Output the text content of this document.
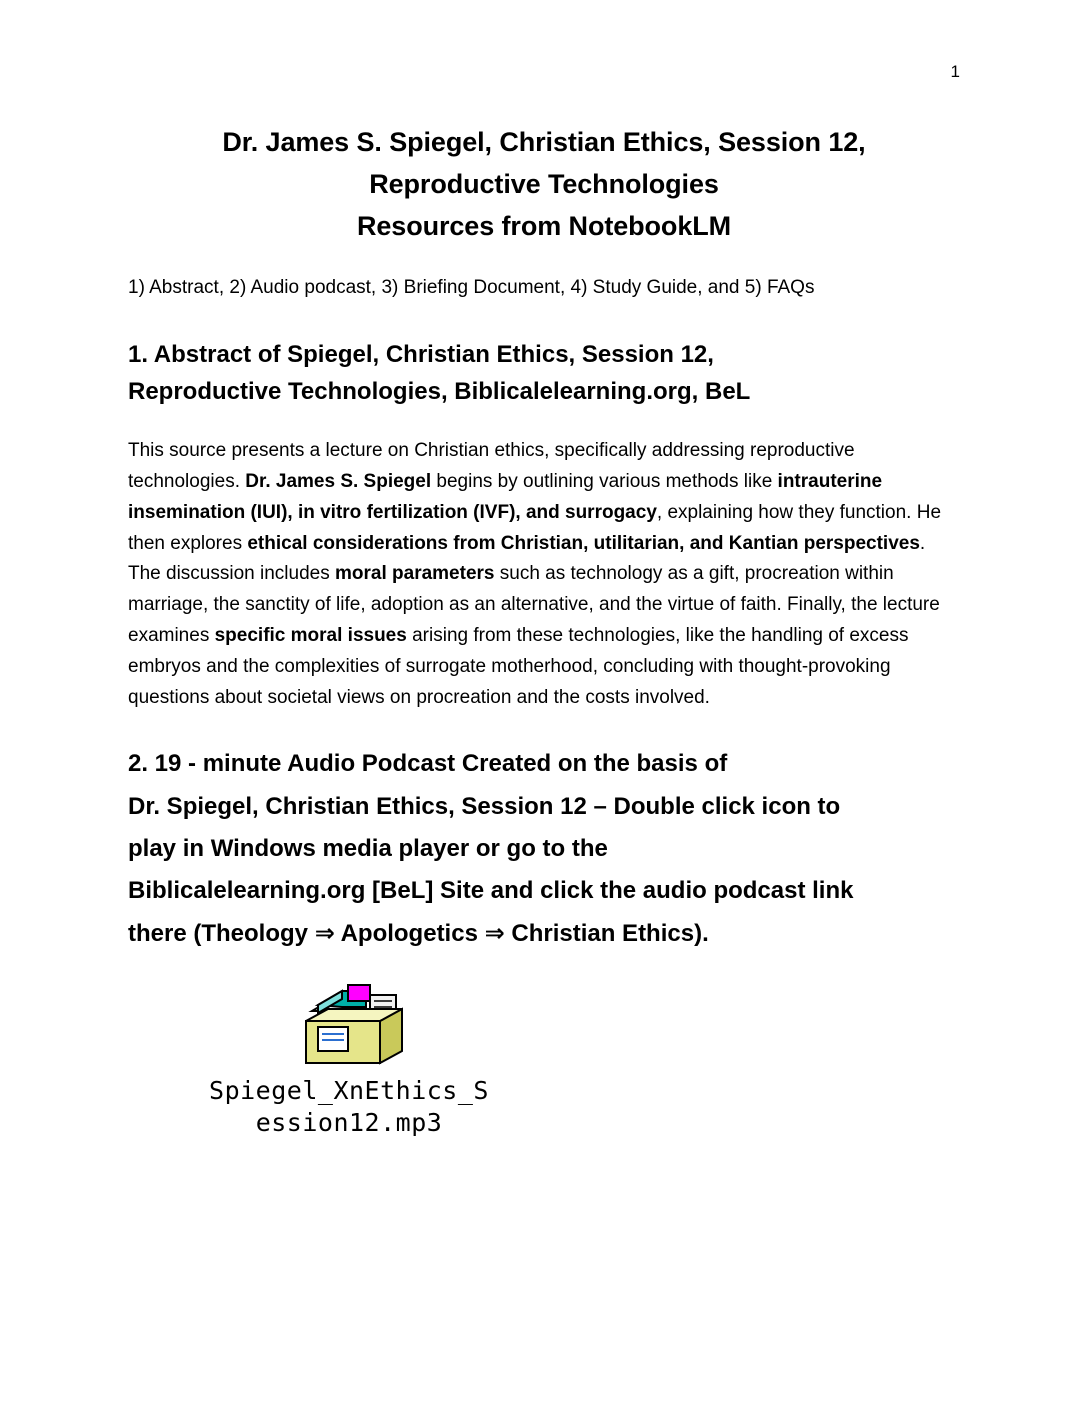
1
Dr. James S. Spiegel, Christian Ethics, Session 12,
Reproductive Technologies
Resources from NotebookLM

1) Abstract, 2) Audio podcast, 3) Briefing Document, 4) Study Guide, and 5) FAQs

1. Abstract of Spiegel, Christian Ethics, Session 12,
Reproductive Technologies, Biblicalelearning.org, BeL

This source presents a lecture on Christian ethics, specifically addressing reproductive technologies. Dr. James S. Spiegel begins by outlining various methods like intrauterine insemination (IUI), in vitro fertilization (IVF), and surrogacy, explaining how they function. He then explores ethical considerations from Christian, utilitarian, and Kantian perspectives. The discussion includes moral parameters such as technology as a gift, procreation within marriage, the sanctity of life, adoption as an alternative, and the virtue of faith. Finally, the lecture examines specific moral issues arising from these technologies, like the handling of excess embryos and the complexities of surrogate motherhood, concluding with thought-provoking questions about societal views on procreation and the costs involved.

2. 19 - minute Audio Podcast Created on the basis of
Dr. Spiegel, Christian Ethics, Session 12 – Double click icon to
play in Windows media player or go to the
Biblicalelearning.org [BeL] Site and click the audio podcast link
there (Theology ⇒ Apologetics ⇒ Christian Ethics).
Spiegel_XnEthics_S
ession12.mp3
